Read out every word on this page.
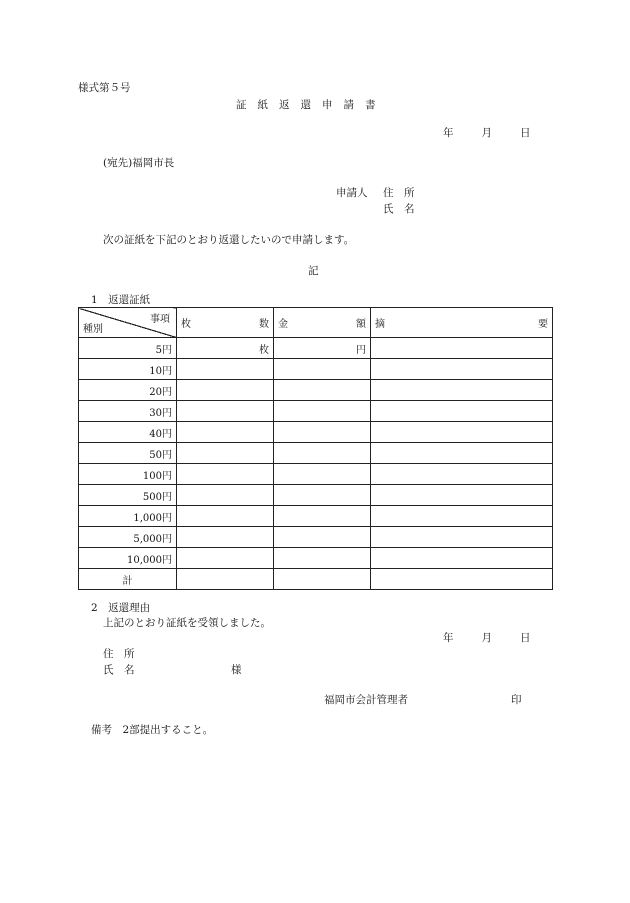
様式第５号
証紙返還申請書
年	月	日
(宛先)福岡市長
申請人 住　所
氏　名
次の証紙を下記のとおり返還したいので申請します。
記
1　返還証紙
事項
種別	枚 数	金 額	摘 要

5円	枚	円	
10円			
20円			
30円			
40円			
50円			
100円			
500円			
1,000円			
5,000円			
10,000円			
計			
2　返還理由
上記のとおり証紙を受領しました。
年	月	日
住　所
氏　名	様
福岡市会計管理者	印
備考　2部提出すること。
